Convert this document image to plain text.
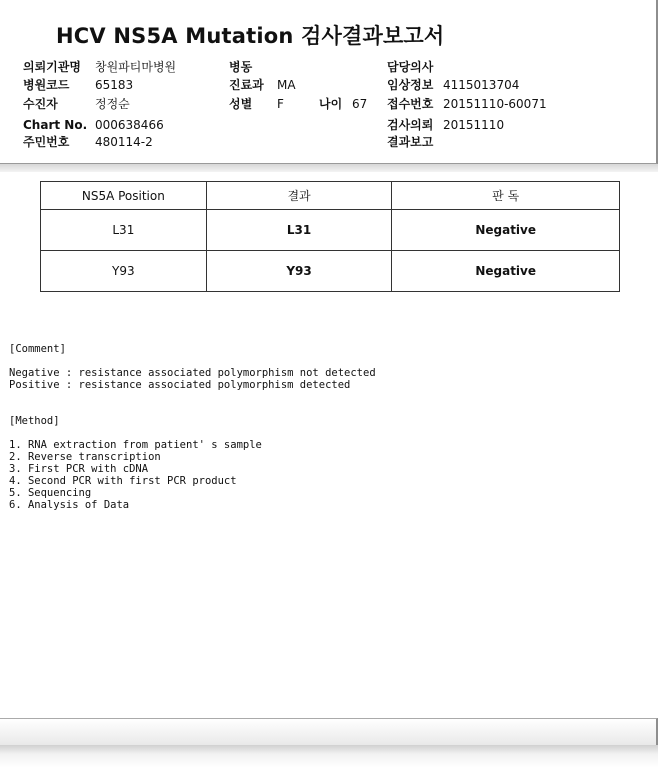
HCV NS5A Mutation 검사결과보고서
의뢰기관명 창원파티마병원
병원코드 65183
수진자	정정순
Chart No. 000638466
주민번호 480114-2
병동
진료과 MA
성별 F	나이 67
담당의사
임상정보 4115013704
접수번호 20151110-60071
검사의뢰 20151110
결과보고
NS5A Position	결과	판 독
L31	L31	Negative
Y93	Y93	Negative
[Comment]
Negative : resistance associated polymorphism not detected
Positive : resistance associated polymorphism detected
[Method]
1. RNA extraction from patient' s sample
2. Reverse transcription
3. First PCR with cDNA
4. Second PCR with first PCR product
5. Sequencing
6. Analysis of Data
